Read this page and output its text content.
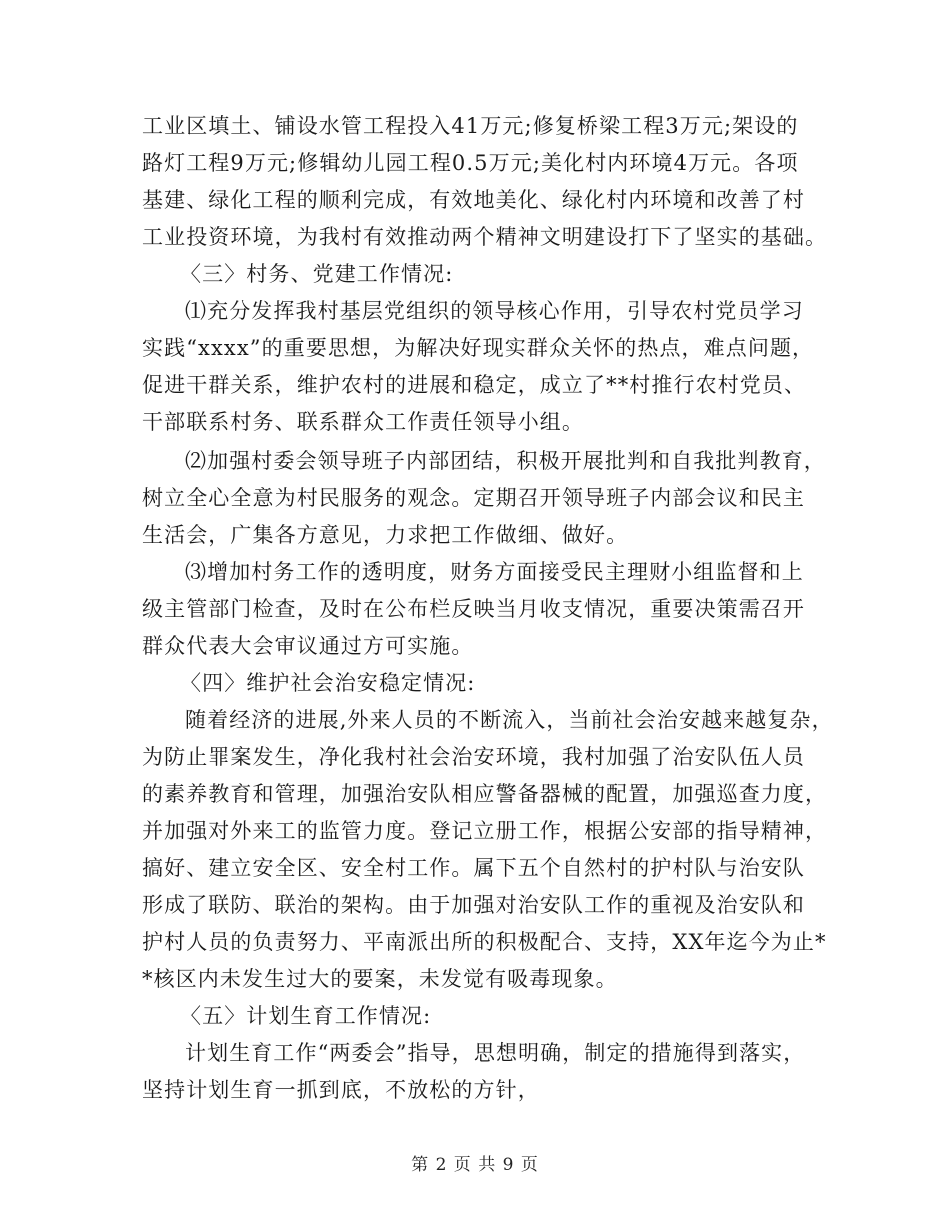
工业区填土、铺设水管工程投入41万元;修复桥梁工程3万元;架设的
路灯工程9万元;修辑幼儿园工程0.5万元;美化村内环境4万元。各项
基建、绿化工程的顺利完成，有效地美化、绿化村内环境和改善了村
工业投资环境，为我村有效推动两个精神文明建设打下了坚实的基础。
〈三〉村务、党建工作情况:
⑴充分发挥我村基层党组织的领导核心作用，引导农村党员学习
实践“xxxx”的重要思想，为解决好现实群众关怀的热点，难点问题，
促进干群关系，维护农村的进展和稳定，成立了**村推行农村党员、
干部联系村务、联系群众工作责任领导小组。
⑵加强村委会领导班子内部团结，积极开展批判和自我批判教育，
树立全心全意为村民服务的观念。定期召开领导班子内部会议和民主
生活会，广集各方意见，力求把工作做细、做好。
⑶增加村务工作的透明度，财务方面接受民主理财小组监督和上
级主管部门检查，及时在公布栏反映当月收支情况，重要决策需召开
群众代表大会审议通过方可实施。
〈四〉维护社会治安稳定情况:
随着经济的进展,外来人员的不断流入，当前社会治安越来越复杂，
为防止罪案发生，净化我村社会治安环境，我村加强了治安队伍人员
的素养教育和管理，加强治安队相应警备器械的配置，加强巡查力度，
并加强对外来工的监管力度。登记立册工作，根据公安部的指导精神，
搞好、建立安全区、安全村工作。属下五个自然村的护村队与治安队
形成了联防、联治的架构。由于加强对治安队工作的重视及治安队和
护村人员的负责努力、平南派出所的积极配合、支持，XX年迄今为止*
*核区内未发生过大的要案，未发觉有吸毒现象。
〈五〉计划生育工作情况:
计划生育工作“两委会”指导，思想明确，制定的措施得到落实，
坚持计划生育一抓到底，不放松的方针，
第 2 页 共 9 页
